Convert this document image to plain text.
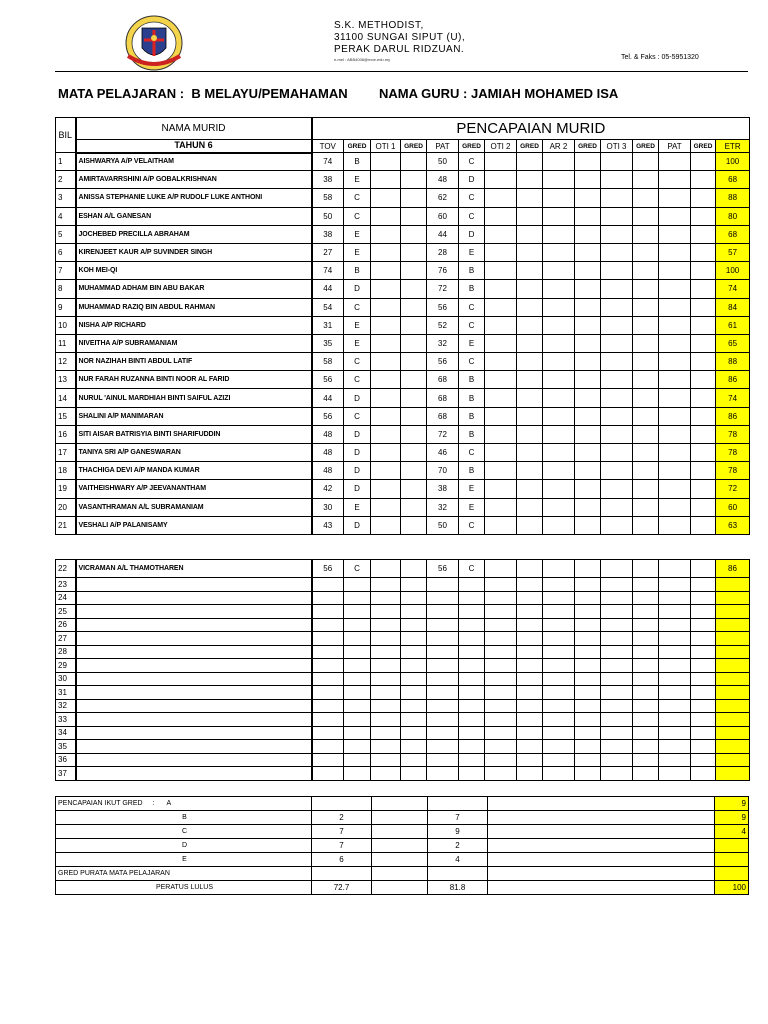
S.K. METHODIST,
31100 SUNGAI SIPUT (U),
PERAK DARUL RIDZUAN.
e-mel : ABB4008@moe.edu.my	Tel. & Faks : 05-5951320
MATA PELAJARAN : B MELAYU/PEMAHAMAN NAMA GURU : JAMIAH MOHAMED ISA
BIL	NAMA MURID	PENCAPAIAN MURID														
	TAHUN 6	TOV	GRED	OTI 1	GRED	PAT	GRED	OTI 2	GRED	AR 2	GRED	OTI 3	GRED	PAT	GRED	ETR
1	AISHWARYA A/P VELAITHAM	74	B			50	C									100
2	AMIRTAVARRSHINI A/P GOBALKRISHNAN	38	E			48	D									68
3	ANISSA STEPHANIE LUKE A/P RUDOLF LUKE ANTHONI	58	C			62	C									88
4	ESHAN A/L GANESAN	50	C			60	C									80
5	JOCHEBED PRECILLA ABRAHAM	38	E			44	D									68
6	KIRENJEET KAUR A/P SUVINDER SINGH	27	E			28	E									57
7	KOH MEI-QI	74	B			76	B									100
8	MUHAMMAD ADHAM BIN ABU BAKAR	44	D			72	B									74
9	MUHAMMAD RAZIQ BIN ABDUL RAHMAN	54	C			56	C									84
10	NISHA A/P RICHARD	31	E			52	C									61
11	NIVEITHA A/P SUBRAMANIAM	35	E			32	E									65
12	NOR NAZIHAH BINTI ABDUL LATIF	58	C			56	C									88
13	NUR FARAH RUZANNA BINTI NOOR AL FARID	56	C			68	B									86
14	NURUL 'AINUL MARDHIAH BINTI SAIFUL AZIZI	44	D			68	B									74
15	SHALINI A/P MANIMARAN	56	C			68	B									86
16	SITI AISAR BATRISYIA BINTI SHARIFUDDIN	48	D			72	B									78
17	TANIYA SRI A/P GANESWARAN	48	D			46	C									78
18	THACHIGA DEVI A/P MANDA KUMAR	48	D			70	B									78
19	VAITHEISHWARY A/P JEEVANANTHAM	42	D			38	E									72
20	VASANTHRAMAN A/L SUBRAMANIAM	30	E			32	E									60
21	VESHALI A/P PALANISAMY	43	D			50	C									63
22	VICRAMAN A/L THAMOTHAREN	56	C			56	C									86
23																
24																
25																
26																
27																
28																
29																
30																
31																
32																
33																
34																
35																
36																
37																
PENCAPAIAN IKUT GRED : A					9
B	2		7		9
C	7		9		4
D	7		2		
E	6		4		
GRED PURATA MATA PELAJARAN					
PERATUS LULUS	72.7		81.8		100
